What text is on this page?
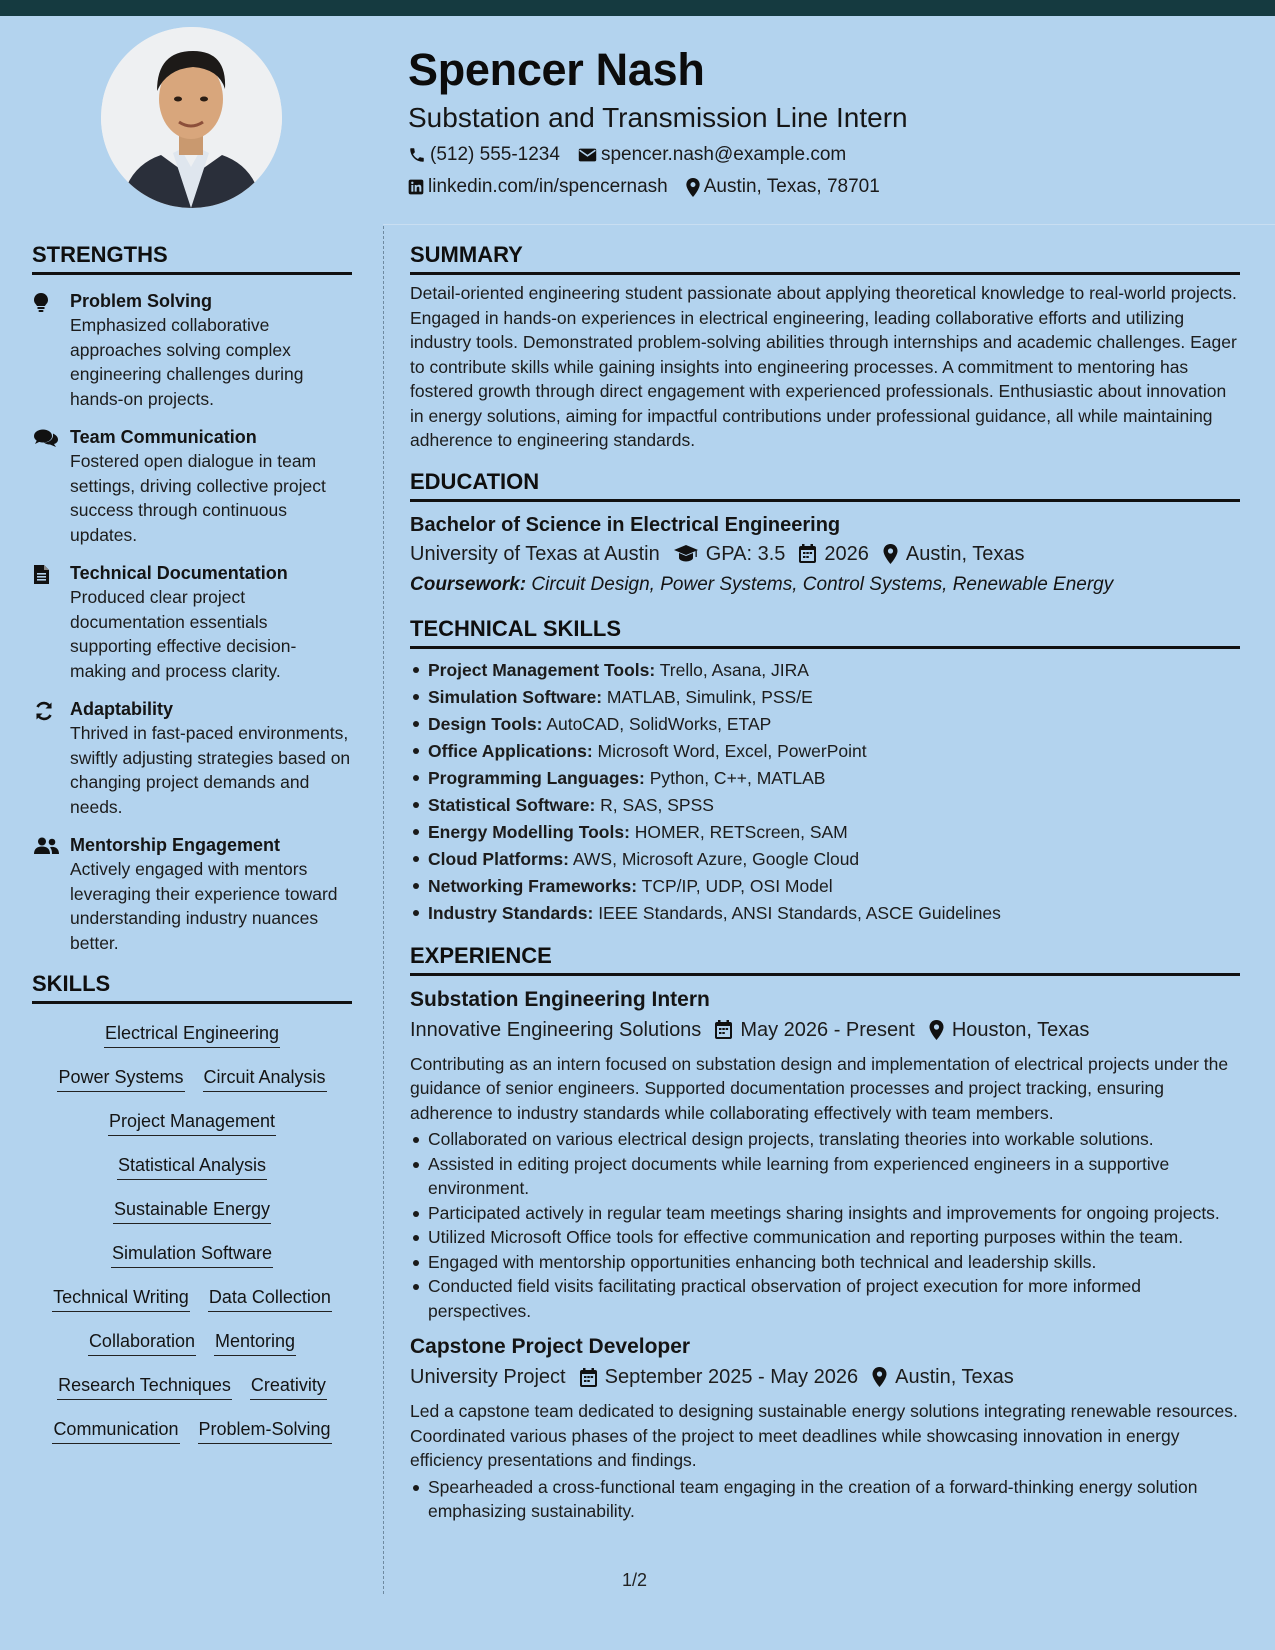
Spencer Nash
Substation and Transmission Line Intern
(512) 555-1234 spencer.nash@example.com
linkedin.com/in/spencernash Austin, Texas, 78701
STRENGTHS
Problem Solving
Emphasized collaborative approaches solving complex engineering challenges during hands-on projects.
Team Communication
Fostered open dialogue in team settings, driving collective project success through continuous updates.
Technical Documentation
Produced clear project documentation essentials supporting effective decision-making and process clarity.
Adaptability
Thrived in fast-paced environments, swiftly adjusting strategies based on changing project demands and needs.
Mentorship Engagement
Actively engaged with mentors leveraging their experience toward understanding industry nuances better.
SKILLS
Electrical Engineering
Power Systems Circuit Analysis
Project Management
Statistical Analysis
Sustainable Energy
Simulation Software
Technical Writing Data Collection
Collaboration Mentoring
Research Techniques Creativity
Communication Problem-Solving
SUMMARY
Detail-oriented engineering student passionate about applying theoretical knowledge to real-world projects. Engaged in hands-on experiences in electrical engineering, leading collaborative efforts and utilizing industry tools. Demonstrated problem-solving abilities through internships and academic challenges. Eager to contribute skills while gaining insights into engineering processes. A commitment to mentoring has fostered growth through direct engagement with experienced professionals. Enthusiastic about innovation in energy solutions, aiming for impactful contributions under professional guidance, all while maintaining adherence to engineering standards.
EDUCATION
Bachelor of Science in Electrical Engineering
University of Texas at Austin GPA: 3.5 2026 Austin, Texas
Coursework: Circuit Design, Power Systems, Control Systems, Renewable Energy
TECHNICAL SKILLS
Project Management Tools: Trello, Asana, JIRA
Simulation Software: MATLAB, Simulink, PSS/E
Design Tools: AutoCAD, SolidWorks, ETAP
Office Applications: Microsoft Word, Excel, PowerPoint
Programming Languages: Python, C++, MATLAB
Statistical Software: R, SAS, SPSS
Energy Modelling Tools: HOMER, RETScreen, SAM
Cloud Platforms: AWS, Microsoft Azure, Google Cloud
Networking Frameworks: TCP/IP, UDP, OSI Model
Industry Standards: IEEE Standards, ANSI Standards, ASCE Guidelines
EXPERIENCE
Substation Engineering Intern
Innovative Engineering Solutions May 2026 - Present Houston, Texas
Contributing as an intern focused on substation design and implementation of electrical projects under the guidance of senior engineers. Supported documentation processes and project tracking, ensuring adherence to industry standards while collaborating effectively with team members.
Collaborated on various electrical design projects, translating theories into workable solutions.
Assisted in editing project documents while learning from experienced engineers in a supportive environment.
Participated actively in regular team meetings sharing insights and improvements for ongoing projects.
Utilized Microsoft Office tools for effective communication and reporting purposes within the team.
Engaged with mentorship opportunities enhancing both technical and leadership skills.
Conducted field visits facilitating practical observation of project execution for more informed perspectives.
Capstone Project Developer
University Project September 2025 - May 2026 Austin, Texas
Led a capstone team dedicated to designing sustainable energy solutions integrating renewable resources. Coordinated various phases of the project to meet deadlines while showcasing innovation in energy efficiency presentations and findings.
Spearheaded a cross-functional team engaging in the creation of a forward-thinking energy solution emphasizing sustainability.
1/2
